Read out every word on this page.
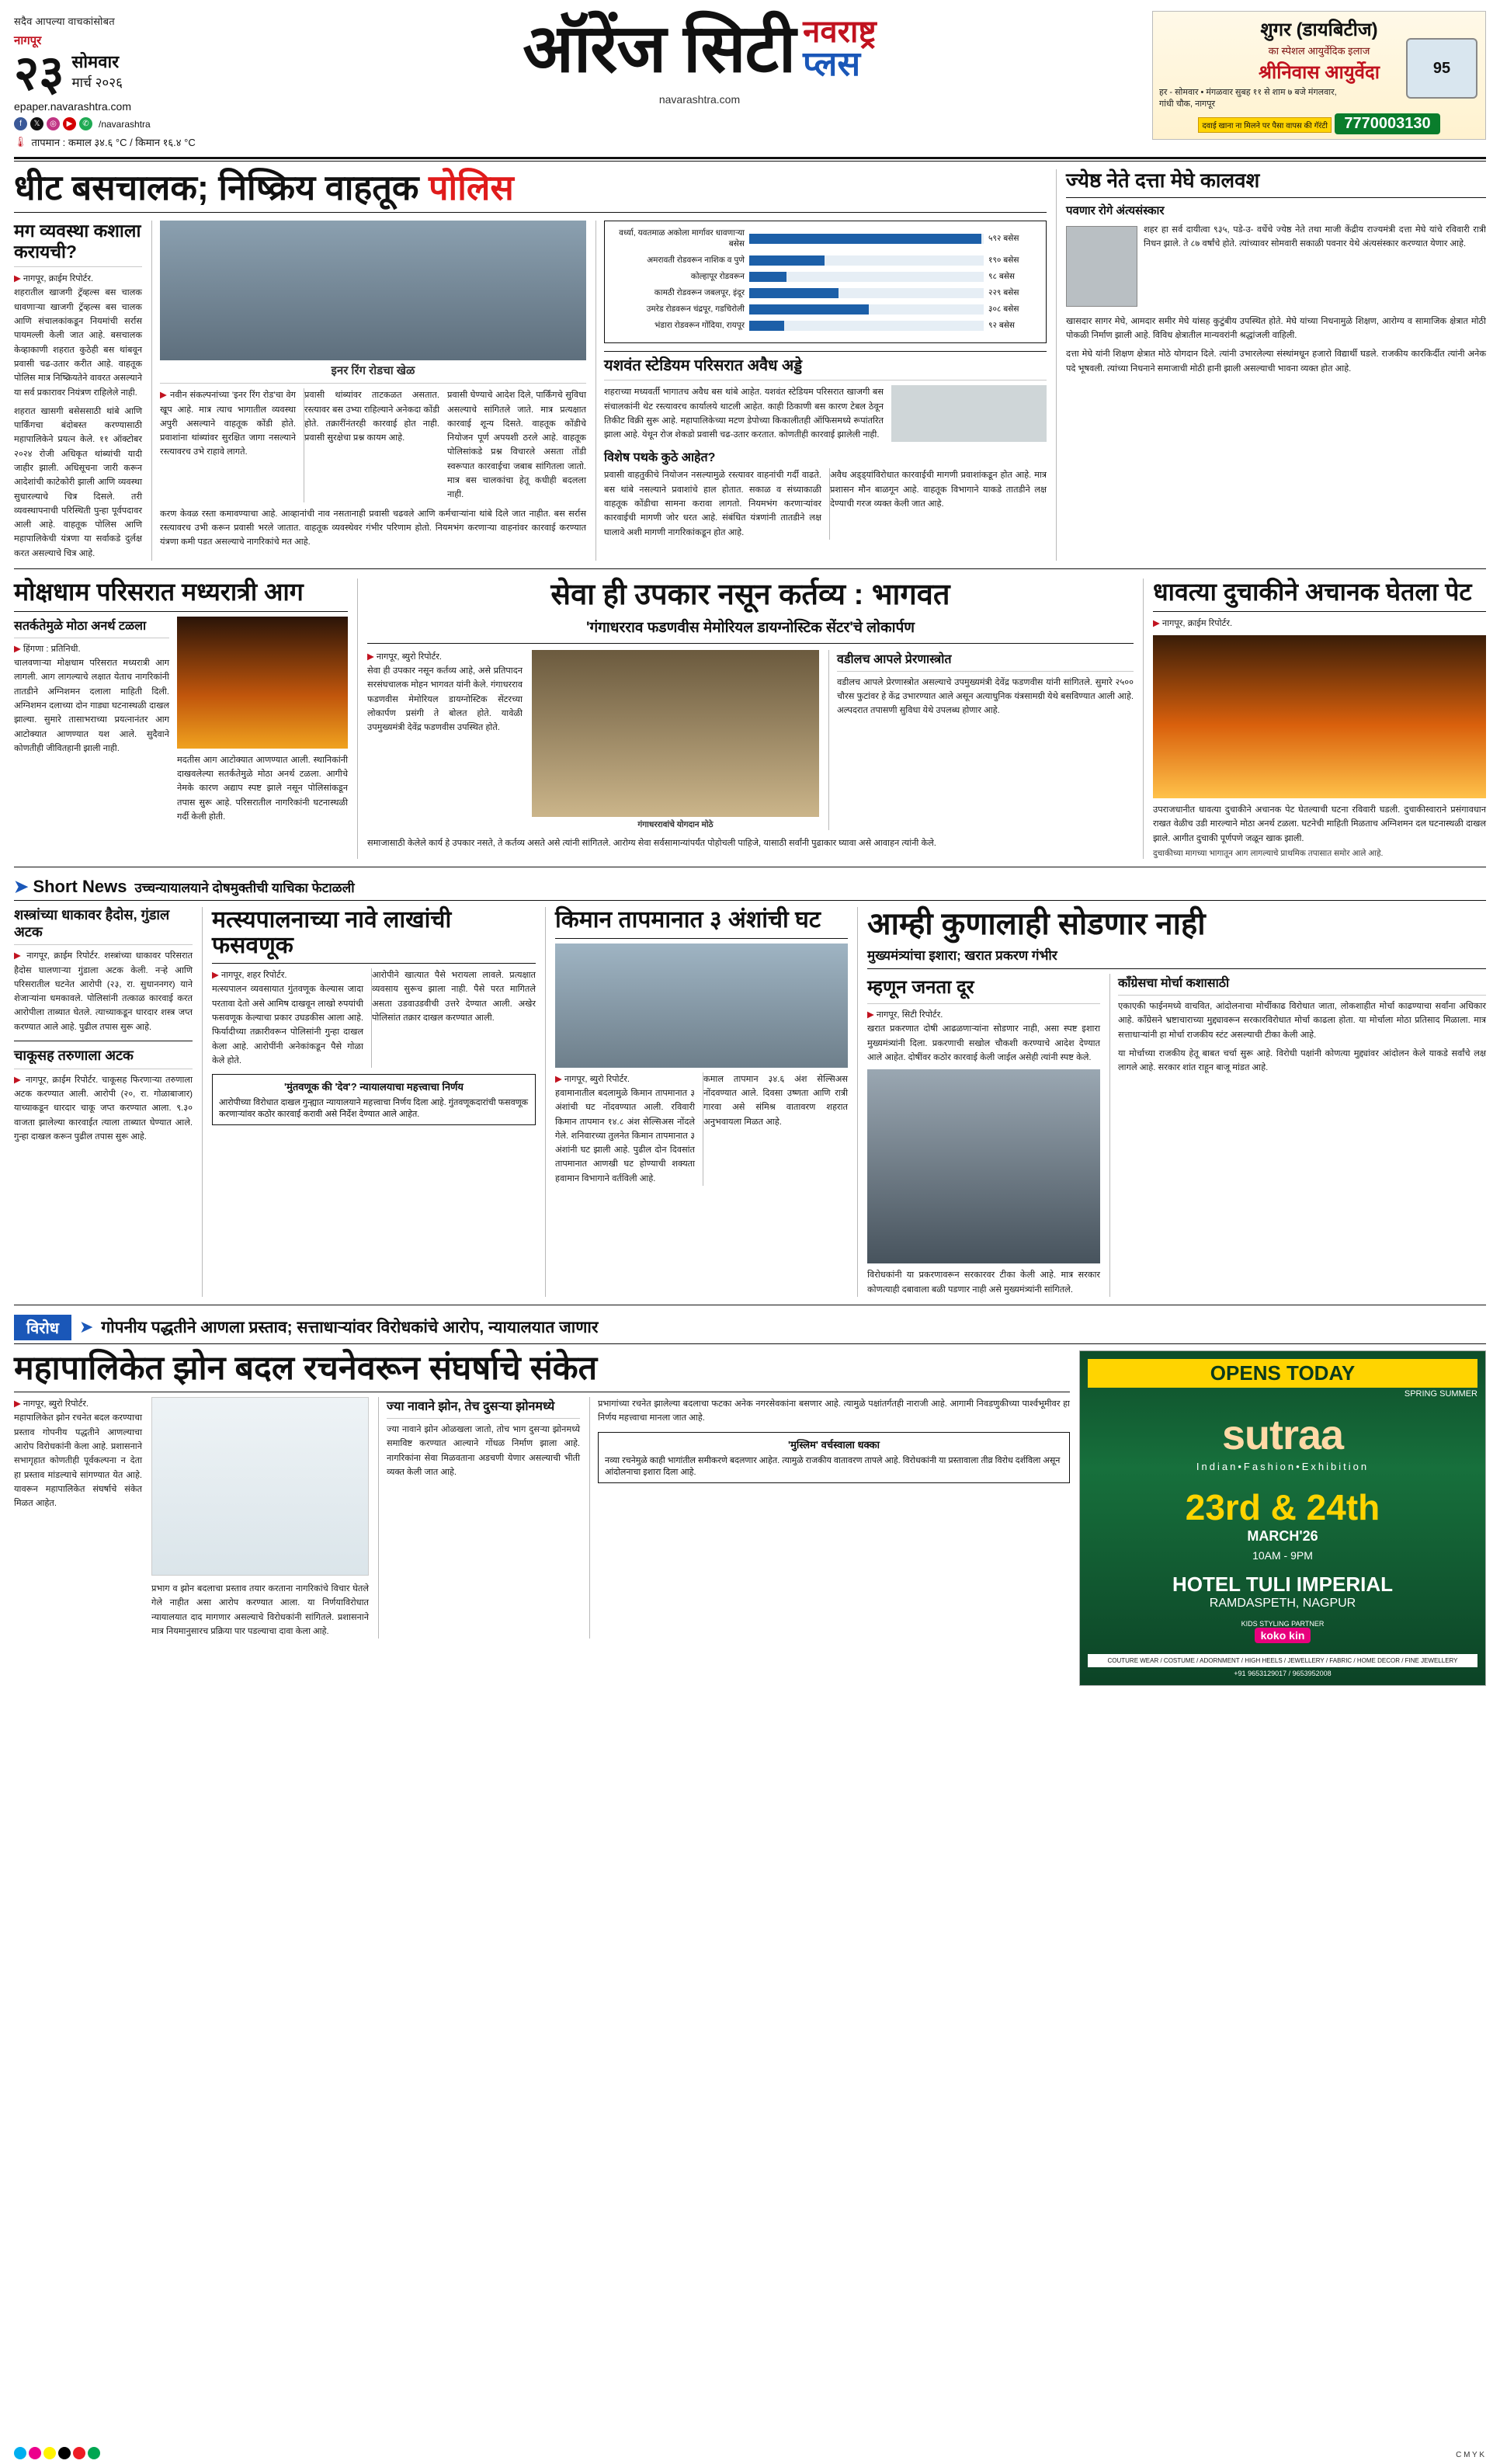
सदैव आपल्या वाचकांसोबत
नागपूर
२३ सोमवार
मार्च २०२६
epaper.navarashtra.com
f	𝕏	◎	▶	✆	/navarashtra
🌡 तापमान : कमाल ३४.६ °C / किमान १६.४ °C
ऑरेंज सिटी नवराष्ट्र
प्लस
navarashtra.com
शुगर (डायबिटीज)
का स्पेशल आयुर्वेदिक इलाज
श्रीनिवास आयुर्वेदा
हर - सोमवार • मंगळवार सुबह ११ से शाम ७ बजे मंगलवार, गांधी चौक, नागपूर
95
दवाई खाना ना मिलने पर पैसा वापस की गॅरंटी 7770003130
धीट बसचालक; निष्क्रिय वाहतूक पोलिस
मग व्यवस्था कशाला करायची?
▶ नागपूर, क्राईम रिपोर्टर.
शहरातील खाजगी ट्रॅव्हल्स बस चालक धावणाऱ्या खाजगी ट्रॅव्हल्स बस चालक आणि संचालकांकडून नियमांची सर्रास पायमल्ली केली जात आहे. बसचालक केव्हाकाणी शहरात कुठेही बस थांबवून प्रवासी चढ-उतार करीत आहे. वाहतूक पोलिस मात्र निष्क्रियतेने वावरत असल्याने या सर्व प्रकारावर नियंत्रण राहिलेले नाही.
शहरात खासगी बसेससाठी थांबे आणि पार्किंगचा बंदोबस्त करण्यासाठी महापालिकेने प्रयत्न केले. ११ ऑक्टोबर २०२४ रोजी अधिकृत थांब्यांची यादी जाहीर झाली. अधिसूचना जारी करून आदेशांची काटेकोरी झाली आणि व्यवस्था सुधारल्याचे चित्र दिसले. तरी व्यवस्थापनाची परिस्थिती पुन्हा पूर्वपदावर आली आहे. वाहतूक पोलिस आणि महापालिकेची यंत्रणा या सर्वाकडे दुर्लक्ष करत असल्याचे चित्र आहे.
इनर रिंग रोडचा खेळ
▶ नवीन संकल्पनांच्या 'इनर रिंग रोड'चा वेग खूप आहे. मात्र त्याच भागातील व्यवस्था अपुरी असल्याने वाहतूक कोंडी होते. प्रवाशांना थांब्यांवर सुरक्षित जागा नसल्याने रस्त्यावरच उभे राहावे लागते.
प्रवासी थांब्यांवर ताटकळत असतात. रस्त्यावर बस उभ्या राहिल्याने अनेकदा कोंडी होते. तक्रारींनंतरही कारवाई होत नाही. प्रवासी सुरक्षेचा प्रश्न कायम आहे.
प्रवासी घेण्याचे आदेश दिले, पार्किंगचे सुविधा असल्याचे सांगितले जाते. मात्र प्रत्यक्षात कारवाई शून्य दिसते. वाहतूक कोंडीचे नियोजन पूर्ण अपयशी ठरले आहे. वाहतूक पोलिसांकडे प्रश्न विचारले असता तोंडी स्वरूपात कारवाईचा जबाब सांगितला जातो. मात्र बस चालकांचा हेतू कधीही बदलला नाही.
करण केवळ रस्ता कमावण्याचा आहे. आव्हानांची नाव नसतानाही प्रवासी चढवले आणि कर्मचाऱ्यांना थांबे दिले जात नाहीत. बस सर्रास रस्त्यावरच उभी करून प्रवासी भरले जातात. वाहतूक व्यवस्थेवर गंभीर परिणाम होतो. नियमभंग करणाऱ्या वाहनांवर कारवाई करण्यात यंत्रणा कमी पडत असल्याचे नागरिकांचे मत आहे.
वर्ध्या, यवतमाळ अकोला मार्गावर धावणाऱ्या बसेस
५९२ बसेस
अमरावती रोडवरून नाशिक व पुणे	१९० बसेस
कोल्हापूर रोडवरून	९८ बसेस
कामठी रोडवरून जबलपूर, इंदूर	२२९ बसेस
उमरेड रोडवरून चंद्रपूर, गडचिरोली	३०८ बसेस
भंडारा रोडवरून गोंदिया, रायपूर	९२ बसेस
यशवंत स्टेडियम परिसरात अवैध अड्डे
शहराच्या मध्यवर्ती भागातच अवैध बस थांबे आहेत. यशवंत स्टेडियम परिसरात खाजगी बस संचालकांनी थेट रस्त्यावरच कार्यालये थाटली आहेत. काही ठिकाणी बस कारण टेबल ठेवून तिकीट विक्री सुरू आहे. महापालिकेच्या मटण डेपोच्या किकालीतही ऑफिसमध्ये रूपांतरित झाला आहे. येथून रोज शेकडो प्रवासी चढ-उतार करतात. कोणतीही कारवाई झालेली नाही.
विशेष पथके कुठे आहेत?
प्रवासी वाहतुकीचे नियोजन नसल्यामुळे रस्त्यावर वाहनांची गर्दी वाढते. बस थांबे नसल्याने प्रवाशांचे हाल होतात. सकाळ व संध्याकाळी वाहतूक कोंडीचा सामना करावा लागतो. नियमभंग करणाऱ्यांवर कारवाईची मागणी जोर धरत आहे. संबंधित यंत्रणांनी तातडीने लक्ष घालावे अशी मागणी नागरिकांकडून होत आहे.
अवैध अड्ड्यांविरोधात कारवाईची मागणी प्रवाशांकडून होत आहे. मात्र प्रशासन मौन बाळगून आहे. वाहतूक विभागाने याकडे तातडीने लक्ष देण्याची गरज व्यक्त केली जात आहे.
ज्येष्ठ नेते दत्ता मेघे कालवश
पवणार रोगे अंत्यसंस्कार
शहर हा सर्व दायीत्वा ९३५, पडे-उ- वर्धेचे ज्येष्ठ नेते तथा माजी केंद्रीय राज्यमंत्री दत्ता मेघे यांचे रविवारी रात्री निधन झाले. ते ८७ वर्षांचे होते. त्यांच्यावर सोमवारी सकाळी पवनार येथे अंत्यसंस्कार करण्यात येणार आहे.
खासदार सागर मेघे, आमदार समीर मेघे यांसह कुटुंबीय उपस्थित होते. मेघे यांच्या निधनामुळे शिक्षण, आरोग्य व सामाजिक क्षेत्रात मोठी पोकळी निर्माण झाली आहे. विविध क्षेत्रातील मान्यवरांनी श्रद्धांजली वाहिली.
दत्ता मेघे यांनी शिक्षण क्षेत्रात मोठे योगदान दिले. त्यांनी उभारलेल्या संस्थांमधून हजारो विद्यार्थी घडले. राजकीय कारकिर्दीत त्यांनी अनेक पदे भूषवली. त्यांच्या निधनाने समाजाची मोठी हानी झाली असल्याची भावना व्यक्त होत आहे.
मोक्षधाम परिसरात मध्यरात्री आग
सतर्कतेमुळे मोठा अनर्थ टळला
▶ हिंगणा : प्रतिनिधी.
चालवणाऱ्या मोक्षधाम परिसरात मध्यरात्री आग लागली. आग लागल्याचे लक्षात येताच नागरिकांनी तातडीने अग्निशमन दलाला माहिती दिली. अग्निशमन दलाच्या दोन गाड्या घटनास्थळी दाखल झाल्या. सुमारे तासाभराच्या प्रयत्नानंतर आग आटोक्यात आणण्यात यश आले. सुदैवाने कोणतीही जीवितहानी झाली नाही.
मदतीस आग आटोक्यात आणण्यात आली. स्थानिकांनी दाखवलेल्या सतर्कतेमुळे मोठा अनर्थ टळला. आगीचे नेमके कारण अद्याप स्पष्ट झाले नसून पोलिसांकडून तपास सुरू आहे. परिसरातील नागरिकांनी घटनास्थळी गर्दी केली होती.
सेवा ही उपकार नसून कर्तव्य : भागवत
'गंगाधरराव फडणवीस मेमोरियल डायग्नोस्टिक सेंटर'चे लोकार्पण
▶ नागपूर, ब्युरो रिपोर्टर.
सेवा ही उपकार नसून कर्तव्य आहे, असे प्रतिपादन सरसंघचालक मोहन भागवत यांनी केले. गंगाधरराव फडणवीस मेमोरियल डायग्नोस्टिक सेंटरच्या लोकार्पण प्रसंगी ते बोलत होते. यावेळी उपमुख्यमंत्री देवेंद्र फडणवीस उपस्थित होते.
गंगाधररावांचे योगदान मोठे
वडीलच आपले प्रेरणास्त्रोत
वडीलच आपले प्रेरणास्त्रोत असल्याचे उपमुख्यमंत्री देवेंद्र फडणवीस यांनी सांगितले. सुमारे २५०० चौरस फुटांवर हे केंद्र उभारण्यात आले असून अत्याधुनिक यंत्रसामग्री येथे बसविण्यात आली आहे. अल्पदरात तपासणी सुविधा येथे उपलब्ध होणार आहे.
समाजासाठी केलेले कार्य हे उपकार नसते, ते कर्तव्य असते असे त्यांनी सांगितले. आरोग्य सेवा सर्वसामान्यांपर्यंत पोहोचली पाहिजे, यासाठी सर्वांनी पुढाकार घ्यावा असे आवाहन त्यांनी केले.
धावत्या दुचाकीने अचानक घेतला पेट
▶ नागपूर, क्राईम रिपोर्टर.
उपराजधानीत धावत्या दुचाकीने अचानक पेट घेतल्याची घटना रविवारी घडली. दुचाकीस्वाराने प्रसंगावधान राखत वेळीच उडी मारल्याने मोठा अनर्थ टळला. घटनेची माहिती मिळताच अग्निशमन दल घटनास्थळी दाखल झाले. आगीत दुचाकी पूर्णपणे जळून खाक झाली.
दुचाकीच्या मागच्या भागातून आग लागल्याचे प्राथमिक तपासात समोर आले आहे.
➤ Short News उच्चन्यायालयाने दोषमुक्तीची याचिका फेटाळली
शस्त्रांच्या धाकावर हैदोस, गुंडाल अटक
▶ नागपूर, क्राईम रिपोर्टर. शस्त्रांच्या धाकावर परिसरात हैदोस घालणाऱ्या गुंडाला अटक केली. नऱ्हे आणि परिसरातील घटनेत आरोपी (२३, रा. सुधाननगर) याने शेजाऱ्यांना धमकावले. पोलिसांनी तत्काळ कारवाई करत आरोपीला ताब्यात घेतले. त्याच्याकडून धारदार शस्त्र जप्त करण्यात आले आहे. पुढील तपास सुरू आहे.
चाकूसह तरुणाला अटक
▶ नागपूर, क्राईम रिपोर्टर. चाकूसह फिरणाऱ्या तरुणाला अटक करण्यात आली. आरोपी (२०, रा. गोळाबाजार) याच्याकडून धारदार चाकू जप्त करण्यात आला. ९.३० वाजता झालेल्या कारवाईत त्याला ताब्यात घेण्यात आले. गुन्हा दाखल करून पुढील तपास सुरू आहे.
मत्स्यपालनाच्या नावे लाखांची फसवणूक
▶ नागपूर, शहर रिपोर्टर.
मत्स्यपालन व्यवसायात गुंतवणूक केल्यास जादा परतावा देतो असे आमिष दाखवून लाखो रुपयांची फसवणूक केल्याचा प्रकार उघडकीस आला आहे. फिर्यादीच्या तक्रारीवरून पोलिसांनी गुन्हा दाखल केला आहे. आरोपींनी अनेकांकडून पैसे गोळा केले होते.
आरोपीने खात्यात पैसे भरायला लावले. प्रत्यक्षात व्यवसाय सुरूच झाला नाही. पैसे परत मागितले असता उडवाउडवीची उत्तरे देण्यात आली. अखेर पोलिसांत तक्रार दाखल करण्यात आली.
'मुंतवणूक की 'देव'? न्यायालयाचा महत्त्वाचा निर्णय
आरोपीच्या विरोधात दाखल गुन्ह्यात न्यायालयाने महत्त्वाचा निर्णय दिला आहे. गुंतवणूकदारांची फसवणूक करणाऱ्यांवर कठोर कारवाई करावी असे निर्देश देण्यात आले आहेत.
किमान तापमानात ३ अंशांची घट
▶ नागपूर, ब्युरो रिपोर्टर.
हवामानातील बदलामुळे किमान तापमानात ३ अंशांची घट नोंदवण्यात आली. रविवारी किमान तापमान १४.८ अंश सेल्सिअस नोंदले गेले. शनिवारच्या तुलनेत किमान तापमानात ३ अंशांनी घट झाली आहे. पुढील दोन दिवसांत तापमानात आणखी घट होण्याची शक्यता हवामान विभागाने वर्तविली आहे.
कमाल तापमान ३४.६ अंश सेल्सिअस नोंदवण्यात आले. दिवसा उष्णता आणि रात्री गारवा असे संमिश्र वातावरण शहरात अनुभवायला मिळत आहे.
आम्ही कुणालाही सोडणार नाही
मुख्यमंत्र्यांचा इशारा; खरात प्रकरण गंभीर
म्हणून जनता दूर
▶ नागपूर, सिटी रिपोर्टर.
खरात प्रकरणात दोषी आढळणाऱ्यांना सोडणार नाही, असा स्पष्ट इशारा मुख्यमंत्र्यांनी दिला. प्रकरणाची सखोल चौकशी करण्याचे आदेश देण्यात आले आहेत. दोषींवर कठोर कारवाई केली जाईल असेही त्यांनी स्पष्ट केले.
विरोधकांनी या प्रकरणावरून सरकारवर टीका केली आहे. मात्र सरकार कोणत्याही दबावाला बळी पडणार नाही असे मुख्यमंत्र्यांनी सांगितले.
काँग्रेसचा मोर्चा कशासाठी
एकाएकी फाईनमध्ये वाचवित, आंदोलनाचा मोर्चीकाढ विरोधात जाता, लोकशाहीत मोर्चा काढण्याचा सर्वांना अधिकार आहे. काँग्रेसने भ्रष्टाचाराच्या मुद्द्यावरून सरकारविरोधात मोर्चा काढला होता. या मोर्चाला मोठा प्रतिसाद मिळाला. मात्र सत्ताधाऱ्यांनी हा मोर्चा राजकीय स्टंट असल्याची टीका केली आहे.
या मोर्चाच्या राजकीय हेतू बाबत चर्चा सुरू आहे. विरोधी पक्षांनी कोणत्या मुद्द्यांवर आंदोलन केले याकडे सर्वांचे लक्ष लागले आहे. सरकार शांत राहून बाजू मांडत आहे.
विरोध	➤ गोपनीय पद्धतीने आणला प्रस्ताव; सत्ताधाऱ्यांवर विरोधकांचे आरोप, न्यायालयात जाणार
महापालिकेत झोन बदल रचनेवरून संघर्षाचे संकेत
▶ नागपूर, ब्युरो रिपोर्टर.
महापालिकेत झोन रचनेत बदल करण्याचा प्रस्ताव गोपनीय पद्धतीने आणल्याचा आरोप विरोधकांनी केला आहे. प्रशासनाने सभागृहात कोणतीही पूर्वकल्पना न देता हा प्रस्ताव मांडल्याचे सांगण्यात येत आहे. यावरून महापालिकेत संघर्षाचे संकेत मिळत आहेत.
प्रभाग व झोन बदलाचा प्रस्ताव तयार करताना नागरिकांचे विचार घेतले गेले नाहीत असा आरोप करण्यात आला. या निर्णयाविरोधात न्यायालयात दाद मागणार असल्याचे विरोधकांनी सांगितले. प्रशासनाने मात्र नियमानुसारच प्रक्रिया पार पडल्याचा दावा केला आहे.
ज्या नावाने झोन, तेच दुसऱ्या झोनमध्ये
ज्या नावाने झोन ओळखला जातो, तोच भाग दुसऱ्या झोनमध्ये समाविष्ट करण्यात आल्याने गोंधळ निर्माण झाला आहे. नागरिकांना सेवा मिळवताना अडचणी येणार असल्याची भीती व्यक्त केली जात आहे.
प्रभागांच्या रचनेत झालेल्या बदलाचा फटका अनेक नगरसेवकांना बसणार आहे. त्यामुळे पक्षांतर्गतही नाराजी आहे. आगामी निवडणुकीच्या पार्श्वभूमीवर हा निर्णय महत्त्वाचा मानला जात आहे.
'मुस्लिम' वर्चस्वाला धक्का
नव्या रचनेमुळे काही भागांतील समीकरणे बदलणार आहेत. त्यामुळे राजकीय वातावरण तापले आहे. विरोधकांनी या प्रस्तावाला तीव्र विरोध दर्शविला असून आंदोलनाचा इशारा दिला आहे.
OPENS TODAY
SPRING SUMMER
sutraa
Indian•Fashion•Exhibition
23rd & 24th
MARCH'26
10AM - 9PM
HOTEL TULI IMPERIAL
RAMDASPETH, NAGPUR
KIDS STYLING PARTNER
koko kin
COUTURE WEAR / COSTUME / ADORNMENT / HIGH HEELS / JEWELLERY / FABRIC / HOME DECOR / FINE JEWELLERY
+91 9653129017 / 9653952008
C M Y K
